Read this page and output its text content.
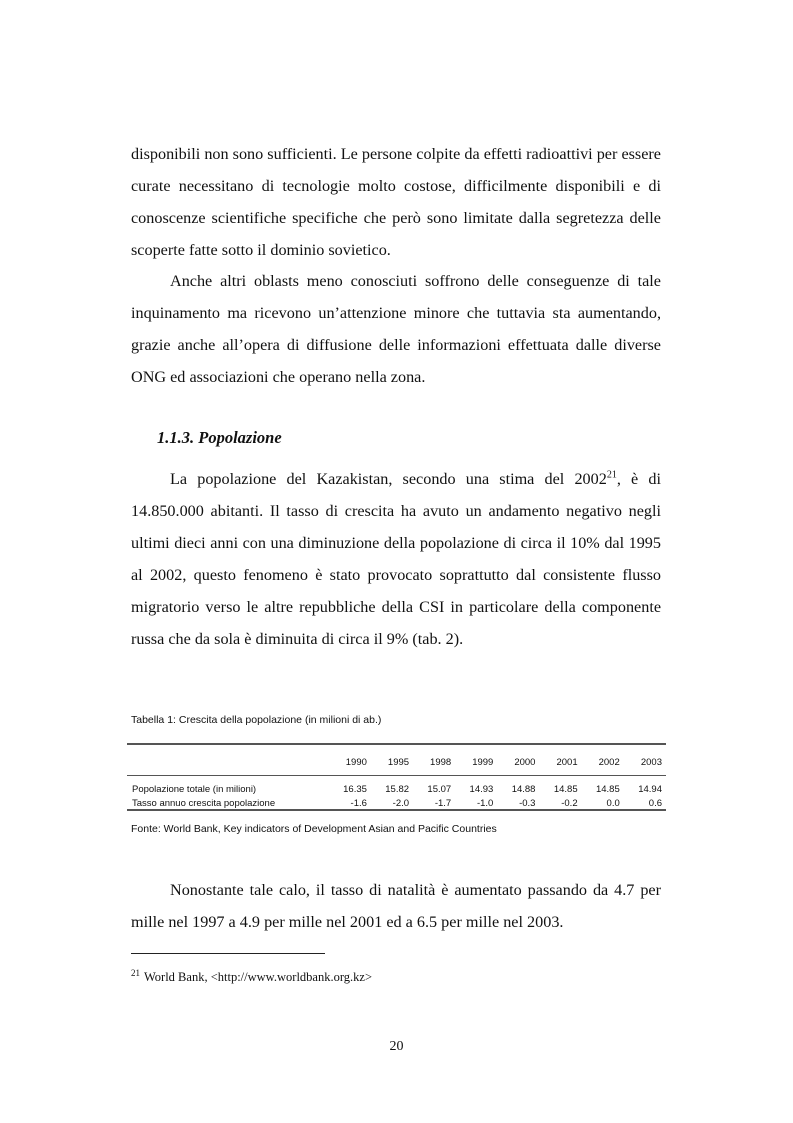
disponibili non sono sufficienti. Le persone colpite da effetti radioattivi per essere curate necessitano di tecnologie molto costose, difficilmente disponibili e di conoscenze scientifiche specifiche che però sono limitate dalla segretezza delle scoperte fatte sotto il dominio sovietico.

Anche altri oblasts meno conosciuti soffrono delle conseguenze di tale inquinamento ma ricevono un’attenzione minore che tuttavia sta aumentando, grazie anche all’opera di diffusione delle informazioni effettuata dalle diverse ONG ed associazioni che operano nella zona.

1.1.3. Popolazione

La popolazione del Kazakistan, secondo una stima del 2002$^{21}$, è di 14.850.000 abitanti. Il tasso di crescita ha avuto un andamento negativo negli ultimi dieci anni con una diminuzione della popolazione di circa il 10% dal 1995 al 2002, questo fenomeno è stato provocato soprattutto dal consistente flusso migratorio verso le altre repubbliche della CSI in particolare della componente russa che da sola è diminuita di circa il 9% (tab. 2).

Tabella 1: Crescita della popolazione (in milioni di ab.)
	1990	1995	1998	1999	2000	2001	2002	2003

Popolazione totale (in milioni)	16.35	15.82	15.07	14.93	14.88	14.85	14.85	14.94
Tasso annuo crescita popolazione	-1.6	-2.0	-1.7	-1.0	-0.3	-0.2	0.0	0.6
Fonte: World Bank, Key indicators of Development Asian and Pacific Countries

Nonostante tale calo, il tasso di natalità è aumentato passando da 4.7 per mille nel 1997 a 4.9 per mille nel 2001 ed a 6.5 per mille nel 2003.

$^{21}$ World Bank, <http://www.worldbank.org.kz>
20
